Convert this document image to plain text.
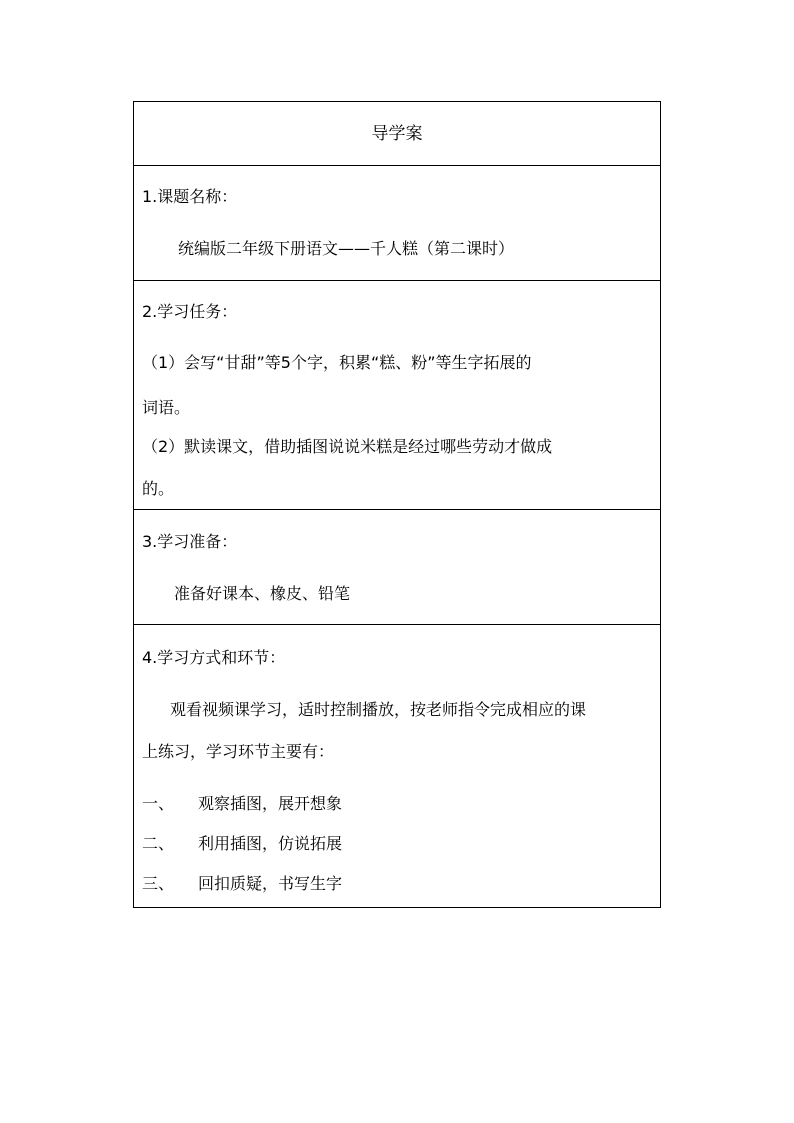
导学案
1.课题名称：
统编版二年级下册语文——千人糕（第二课时）
2.学习任务：
（1）会写“甘甜”等5个字，积累“糕、粉”等生字拓展的
词语。
（2）默读课文，借助插图说说米糕是经过哪些劳动才做成
的。
3.学习准备：
准备好课本、橡皮、铅笔
4.学习方式和环节：
观看视频课学习，适时控制播放，按老师指令完成相应的课
上练习，学习环节主要有：
一、 观察插图，展开想象
二、 利用插图，仿说拓展
三、 回扣质疑，书写生字
